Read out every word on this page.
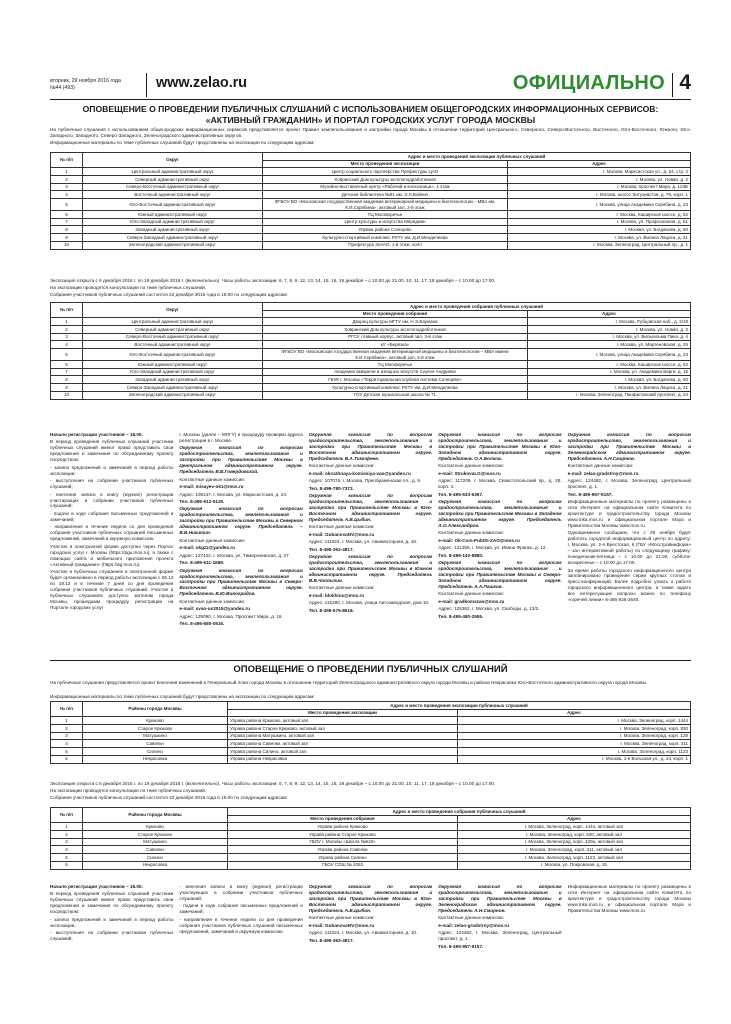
вторник, 29 ноября 2016 года
№44 (493)	www.zelao.ru	ОФИЦИАЛЬНО 4
ОПОВЕЩЕНИЕ О ПРОВЕДЕНИИ ПУБЛИЧНЫХ СЛУШАНИЙ С ИСПОЛЬЗОВАНИЕМ ОБЩЕГОРОДСКИХ ИНФОРМАЦИОННЫХ СЕРВИСОВ:
«АКТИВНЫЙ ГРАЖДАНИН» И ПОРТАЛ ГОРОДСКИХ УСЛУГ ГОРОДА МОСКВЫ
На публичные слушания с использованием общегородских информационных сервисов представляется проект Правил землепользования и застройки города Москвы в отношении территорий Центрального, Северного, Северо-Восточного, Восточного, Юго-Восточного, Южного, Юго-Западного, Западного, Северо-Западного, Зеленоградского административных округов.
Информационные материалы по теме публичных слушаний будут представлены на экспозиции по следующим адресам:
№ п/п	Округ	Адрес и место проведения экспозиции публичных слушаний	
		Место проведения экспозиции	Адрес
1	Центральный административный округ	Центр социального партнерства Префектуры ЦАО	г. Москва, Марксистская ул., д. 24, стр. 2
2	Северный административный округ	Ховринский Дом культуры эксплоподработников	г. Москва, ул. Новая, д. 2
3	Северо-Восточный административный округ	Музейно-выставочный центр «Рабочий и колхозница», 1 этаж	г. Москва, проспект Мира, д. 123Б
4	Восточный административный округ	Детская библиотека №91 им. Э.Л.Войнич	г. Москва, шоссе Энтузиастов, д. 78, корп. 1
5	Юго-Восточный административный округ	ФГБОУ ВО «Московская государственная академия ветеринарной медицины и биотехнологии – МВА им. К.И.Скрябина», актовый зал, 2-й этаж	г. Москва, улица Академика Скрябина, д. 23
6	Южный административный округ	ТЦ Москворечье	г. Москва, Каширское шоссе, д. 52
7	Юго-Западный административный округ	Центр культуры и искусства Меридиан	г. Москва, ул. Профсоюзная, д. 61
8	Западный административный округ	Управа района Солнцево	г. Москва, ул. Богданова, д. 50
9	Северо-Западный административный округ	Культурно-спортивный комплекс РХТУ им. Д.И.Менделеева	г. Москва, ул. Вилиса Лациса, д. 21
10	Зеленоградский административный округ	Префектура ЗелАО, 1-й этаж, холл	г. Москва, Зеленоград, Центральный пр., д. 1
Экспозиция открыта с 6 декабря 2016 г. по 19 декабря 2016 г. (включительно). Часы работы экспозиции: 6, 7, 8, 9, 12, 13, 14, 15, 16, 19 декабря – с 10.00 до 21.00. 10, 11, 17, 18 декабря – с 10.00 до 17.00.
На экспозиции проводятся консультации по теме публичных слушаний.
Собрания участников публичных слушаний состоятся 22 декабря 2016 года в 19.00 по следующим адресам:
№ п/п	Округ	Адрес и место проведения собрания публичных слушаний	
		Место проведения собрания	Адрес
1	Центральный административный округ	Дворец культуры МГТУ им. Н.Э.Баумана	г. Москва, Рубцовская наб., д. 2/18
2	Северный административный округ	Ховринский Дом культуры эксплоподработников	г. Москва, ул. Новая, д. 2
3	Северо-Восточный административный округ	РГСУ, главный корпус, актовый зал, 3-й этаж	г. Москва, ул. Вильгельма Пика, д. 4
4	Восточный административный округ	к/т «Берёзка»	г. Москва, ул. Мартеновская, д. 25
5	Юго-Восточный административный округ	ФГБОУ ВО «Московская государственная академия ветеринарной медицины и биотехнологии – МВА имени К.И.Скрябина», актовый зал, 2-й этаж	г. Москва, улица Академика Скрябина, д. 23
6	Южный административный округ	ТЦ Москворечье	г. Москва, Каширское шоссе, д. 52
7	Юго-Западный административный округ	Академия акварели и изящных искусств Сергея Андрияки	г. Москва, ул. Академика Варги, д. 15
8	Западный административный округ	ГБУК г. Москвы «Территориальная клубная система Солнцево»	г. Москва, ул. Богданова, д. 50
9	Северо-Западный административный округ	Культурно-спортивный комплекс РХТУ им. Д.И.Менделеева	г. Москва, ул. Вилиса Лациса, д. 21
10	Зеленоградский административный округ	ГОУ Детская музыкальная школа № 71	г. Москва, Зеленоград, Панфиловский проспект, д. 24

Начало регистрации участников – 18.00.

В период проведения публичных слушаний участники публичных слушаний имеют право представить свои предложения и замечания по обсуждаемому проекту посредством:

- записи предложений и замечаний в период работы экспозиции;

- выступления на собрании участников публичных слушаний;

- внесения записи в книгу (журнал) регистрации участвующих в собрании участников публичных слушаний;

- подачи в ходе собрания письменных предложений и замечаний;

- направления в течение недели со дня проведения собрания участников публичных слушаний письменных предложений, замечаний в окружную комиссию.

Участие в электронной форме доступно через Портал городских услуг г. Москвы (https://pgu.mos.ru), а также с помощью сайта и мобильного приложения проекта «Активный гражданин» (https://ag.mos.ru).

Участие в публичных слушаниях в электронной форме будет организовано в период работы экспозиции с 06.12 по 19.12 и в течение 7 дней со дня проведения собрания участников публичных слушаний. Участие в публичных слушаниях доступно жителям города Москвы, прошедшим процедуру регистрации на Портале городских услуг

г. Москвы (далее – МПГУ) и процедуру проверки адреса регистрации в г. Москве.

Окружная комиссия по вопросам градостроительства, землепользования и застройки при Правительстве Москвы в Центральном административном округе. Председатель В.В.Говердовский.

Контактные данные комиссии:

e-mail: misayev-ok1@mos.ru

Адрес: 109147, г. Москва, ул. Марксистская, д. 24.

Тел. 8-495-912-5125.

Окружная комиссия по вопросам градостроительства, землепользования и застройки при Правительстве Москвы в Северном административном округе. Председатель – В.В.Никитин.

Контактные данные комиссии:

e-mail: okgzz@yandex.ru

Адрес: 127422, г. Москва, ул. Тимирязевская, д. 27

Тел. 8-495-611-1669.

Окружная комиссия по вопросам градостроительства, землепользования и застройки при Правительстве Москвы в Северо-Восточном административном округе. Председатель В.Ю.Виноградов.

Контактные данные комиссии:

e-mail: svao-us2015@yandex.ru

Адрес: 129090, г. Москва, Проспект Мира, д. 18.

Тел. 8-495-680-0516.

Окружная комиссия по вопросам градостроительства, землепользования и застройки при Правительстве Москвы в Восточном административном округе. Председатель В.А.Тимофеев.

Контактные данные комиссии:

e-mail: okruzhnaya-komissiya-vao@yandex.ru

Адрес: 107076, г. Москва, Преображенская пл., д. 9.

Тел. 8-499-780-7372.

Окружная комиссия по вопросам градостроительства, землепользования и застройки при Правительстве Москвы в Юго-Восточном административном округе. Председатель А.В.Цыбин.

Контактные данные комиссии:

e-mail: GubanovaNV@mos.ru

Адрес: 111024, г. Москва, ул. Авиамоторная, д. 10.

Тел. 8-495-362-4817.

Окружная комиссия по вопросам градостроительства, землепользования и застройки при Правительстве Москвы в Южном административном округе. Председатель В.В.Чаплыгин.

Контактные данные комиссии:

e-mail: blokhins@mos.ru

Адрес: 115280, г. Москва, улица Автозаводская, дом 10.

Тел. 8-495-675-8618.

Окружная комиссия по вопросам градостроительства, землепользования и застройки при Правительстве Москвы в Юго-Западном административном округе. Председатель О.А.Волков.

Контактные данные комиссии:

e-mail: StrukovaLG@mos.ru

Адрес: 117209, г. Москва, Севастопольский пр., д. 28, корп. 4.

Тел. 8-495-633-6357.

Окружная комиссия по вопросам градостроительства, землепользования и застройки при Правительстве Москвы в Западном административном округе. Председатель А.О.Александров.

Контактные данные комиссии:

e-mail: Ok-Com-PubISI-ZAO@mos.ru

Адрес: 121355, г. Москва, ул. Ивана Франко, д. 12.

Тел. 8-499-140-8880.

Окружная комиссия по вопросам градостроительства, землепользования и застройки при Правительстве Москвы в Северо-Западном административном округе. Председатель А.А.Пашков.

Контактные данные комиссии:

e-mail: gradkomszao@mos.ru

Адрес: 125362, г. Москва, ул. Свободы, д. 13/2.

Тел. 8-495-490-2555.

Окружная комиссия по вопросам градостроительства, землепользования и застройки при Правительстве Москвы в Зеленоградском административном округе. Председатель А.Н.Смирнов.

Контактные данные комиссии:

e-mail: zelao-gradstroy@mos.ru

Адрес: 124482, г. Москва, Зеленоград, Центральный проспект, д. 1.

Тел. 8-495-957-9157.

Информационные материалы по проекту размещены в сети Интернет на официальном сайте Комитета по архитектуре и градостроительству города Москвы www.mka.mos.ru и официальном портале Мэра и Правительства Москвы www.mos.ru.

Одновременно сообщаем, что с 29 ноября будет работать городской информационный центр по адресу: г. Москва, ул. 2-я Брестская, 6 (ГБУ «Мосстройинформ» – зал интерактивной работы) по следующему графику: понедельник-пятница – с 10.00 до 21.00, суббота-воскресенье – с 10.00 до 17.00.

За время работы городского информационного центра запланировано проведение серии круглых столов и пресс-конференций. Более подробно узнать о работе городского информационного центра, а также задать все интересующие вопросы можно по телефону «горячей линии» 8-495-926-3640.

ОПОВЕЩЕНИЕ О ПРОВЕДЕНИИ ПУБЛИЧНЫХ СЛУШАНИЙ
На публичные слушания представляется проект внесения изменений в Генеральный план города Москвы в отношении территорий Зеленоградского административного округа города Москвы и района Некрасовка Юго-Восточного административного округа города Москвы.
Информационные материалы по теме публичных слушаний будут представлены на экспозиции по следующим адресам:
№ п/п	Районы города Москвы	Адрес и место проведения экспозиции публичных слушаний	
		Место проведения экспозиции	Адрес
1	Крюково	Управа района Крюково, актовый зал	г. Москва, Зеленоград, корп. 1444
2	Старое Крюково	Управа района Старое Крюково, актовый зал	г. Москва, Зеленоград, корп. 830
3	Матушкино	Управа района Матушкино, актовый зал	г. Москва, Зеленоград, корп. 128
4	Савелки	Управа района Савелки, актовый зал	г. Москва, Зеленоград, корп. 311
5	Силино	Управа района Силино, актовый зал	г. Москва, Зеленоград, корп. 1123
6	Некрасовка	Управа района Некрасовка	г. Москва, 1-я Вольская ул., д. 24, корп. 1
Экспозиция открыта с 6 декабря 2016 г. по 19 декабря 2016 г. (включительно). Часы работы экспозиции: 6, 7, 8, 9, 12, 13, 14, 15, 16, 19 декабря – с 10.00 до 21.00. 10, 11, 17, 18 декабря – с 10.00 до 17.00.
На экспозиции проводятся консультации по теме публичных слушаний.
Собрания участников публичных слушаний состоятся 22 декабря 2016 года в 19.00 по следующим адресам:
№ п/п	Районы города Москвы	Адрес и место проведения собрания публичных слушаний	
		Место проведения собрания	Адрес
1	Крюково	Управа района Крюково	г. Москва, Зеленоград, корп. 1444, актовый зал
2	Старое Крюково	Управа района Старое Крюково	г. Москва, Зеленоград, корп. 830, актовый зал
3	Матушкино	ГБОУ г. Москвы «Школа №618»	г. Москва, Зеленоград, корп. 429а, актовый зал
4	Савелки	Управа района Савелки	г. Москва, Зеленоград, корп. 311, актовый зал
5	Силино	Управа района Силино	г. Москва, Зеленоград, корп. 1123, актовый зал
6	Некрасовка	ГБОУ СОШ № 2053	г. Москва, ул. Покровская, д. 15

Начало регистрации участников – 18.00.

В период проведения публичных слушаний участники публичных слушаний имеют право представить свои предложения и замечания по обсуждаемому проекту посредством:

- записи предложений и замечаний в период работы экспозиции;

- выступления на собрании участников публичных слушаний;

- внесения записи в книгу (журнал) регистрации участвующих в собрании участников публичных слушаний;

- подачи в ходе собрания письменных предложений и замечаний;

- направления в течение недели со дня проведения собрания участников публичных слушаний письменных предложений, замечаний в окружную комиссию.

Окружная комиссия по вопросам градостроительства, землепользования и застройки при Правительстве Москвы в Юго-Восточном административном округе. Председатель А.В.Цыбин.

Контактные данные комиссии:

e-mail: GubanovaNV@mos.ru

Адрес: 111024, г. Москва, ул. Авиамоторная, д. 10.

Тел. 8-495-362-4817.

Окружная комиссия по вопросам градостроительства, землепользования и застройки при Правительстве Москвы в Зеленоградском административном округе. Председатель А.Н.Смирнов.

Контактные данные комиссии:

e-mail: zelao-gradstroy@mos.ru

Адрес: 124482, г. Москва, Зеленоград, Центральный проспект, д. 1.

Тел. 8-495-957-9157.

Информационные материалы по проекту размещены в сети Интернет на официальном сайте Комитета по архитектуре и градостроительству города Москвы www.mka.mos.ru и официальном портале Мэра и Правительства Москвы www.mos.ru.
